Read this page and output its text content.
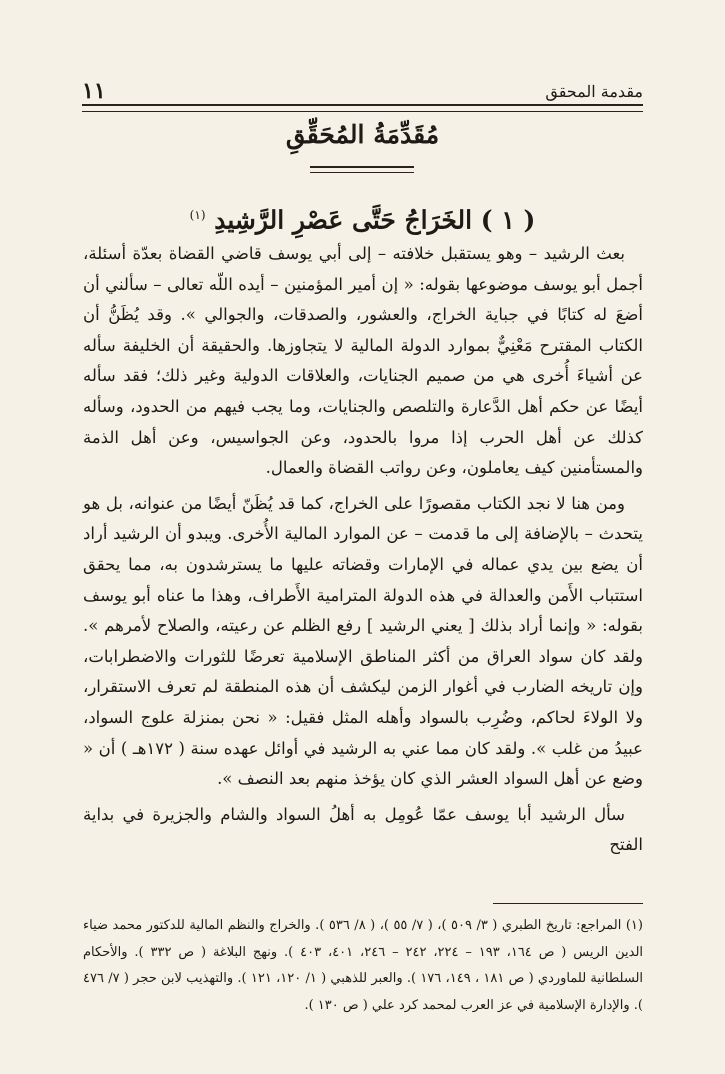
مقدمة المحقق
١١
مُقَدِّمَةُ المُحَقِّقِ
( ١ ) الخَرَاجُ حَتَّى عَصْرِ الرَّشِيدِ $^{(١)}$

بعث الرشيد – وهو يستقبل خلافته – إلى أبي يوسف قاضي القضاة بعدّة أسئلة، أجمل أبو يوسف موضوعها بقوله: « إن أمير المؤمنين – أيده اللّه تعالى – سألني أن أضعَ له كتابًا في جباية الخراج، والعشور، والصدقات، والجوالي ». وقد يُظَنُّ أن الكتاب المقترح مَعْنِيٌّ بموارد الدولة المالية لا يتجاوزها. والحقيقة أن الخليفة سأله عن أشياءَ أُخرى هي من صميم الجنايات، والعلاقات الدولية وغير ذلك؛ فقد سأله أيضًا عن حكم أهل الدَّعارة والتلصص والجنايات، وما يجب فيهم من الحدود، وسأله كذلك عن أهل الحرب إذا مروا بالحدود، وعن الجواسيس، وعن أهل الذمة والمستأمنين كيف يعاملون، وعن رواتب القضاة والعمال.

ومن هنا لا نجد الكتاب مقصورًا على الخراج، كما قد يُظَنّ أيضًا من عنوانه، بل هو يتحدث – بالإضافة إلى ما قدمت – عن الموارد المالية الأُخرى. ويبدو أن الرشيد أراد أن يضع بين يدي عماله في الإمارات وقضاته عليها ما يسترشدون به، مما يحقق استتباب الأَمن والعدالة في هذه الدولة المترامية الأَطراف، وهذا ما عناه أبو يوسف بقوله: « وإنما أراد بذلك [ يعني الرشيد ] رفع الظلم عن رعيته، والصلاح لأمرهم ». ولقد كان سواد العراق من أكثر المناطق الإسلامية تعرضًا للثورات والاضطرابات، وإن تاريخه الضارب في أغوار الزمن ليكشف أن هذه المنطقة لم تعرف الاستقرار، ولا الولاءَ لحاكم، وضُرِب بالسواد وأهله المثل فقيل: « نحن بمنزلة علوج السواد، عبيدُ من غلب ». ولقد كان مما عني به الرشيد في أوائل عهده سنة ( ١٧٢هـ ) أن « وضع عن أهل السواد العشر الذي كان يؤخذ منهم بعد النصف ».

سأل الرشيد أبا يوسف عمّا عُومِل به أهلُ السواد والشام والجزيرة في بداية الفتح

(١) المراجع: تاريخ الطبري ( ٣/ ٥٠٩ )، ( ٧/ ٥٥ )، ( ٨/ ٥٣٦ ). والخراج والنظم المالية للدكتور محمد ضياء الدين الريس ( ص ١٦٤، ١٩٣ – ٢٢٤، ٢٤٢ – ٢٤٦، ٤٠١، ٤٠٣ ). ونهج البلاغة ( ص ٣٣٢ ). والأحكام السلطانية للماوردي ( ص ١٨١ ، ١٤٩، ١٧٦ ). والعبر للذهبي ( ١/ ١٢٠، ١٢١ ). والتهذيب لابن حجر ( ٧/ ٤٧٦ ). والإدارة الإسلامية في عز العرب لمحمد كرد علي ( ص ١٣٠ ).
